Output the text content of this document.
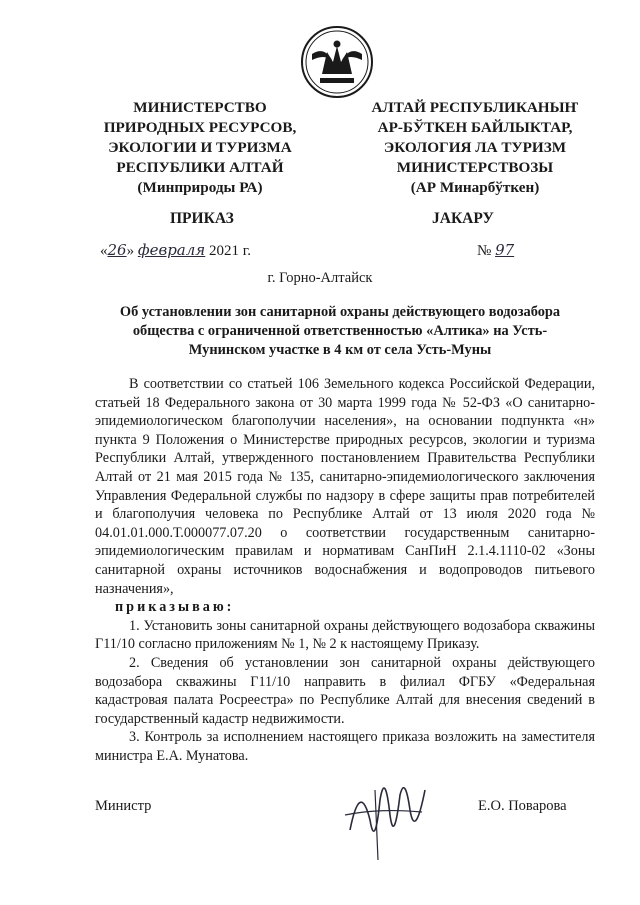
МИНИСТЕРСТВО
ПРИРОДНЫХ РЕСУРСОВ,
ЭКОЛОГИИ И ТУРИЗМА
РЕСПУБЛИКИ АЛТАЙ
(Минприроды РА)
АЛТАЙ РЕСПУБЛИКАНЫҤ
АР-БЎТКЕН БАЙЛЫКТАР,
ЭКОЛОГИЯ ЛА ТУРИЗМ
МИНИСТЕРСТВОЗЫ
(АР Минарбўткен)
ПРИКАЗ	JАКАРУ
«26» февраля 2021 г.	№ 97
г. Горно-Алтайск
Об установлении зон санитарной охраны действующего водозабора общества с ограниченной ответственностью «Алтика» на Усть-Мунинском участке в 4 км от села Усть-Муны

В соответствии со статьей 106 Земельного кодекса Российской Федерации, статьей 18 Федерального закона от 30 марта 1999 года № 52-ФЗ «О санитарно-эпидемиологическом благополучии населения», на основании подпункта «н» пункта 9 Положения о Министерстве природных ресурсов, экологии и туризма Республики Алтай, утвержденного постановлением Правительства Республики Алтай от 21 мая 2015 года № 135, санитарно-эпидемиологического заключения Управления Федеральной службы по надзору в сфере защиты прав потребителей и благополучия человека по Республике Алтай от 13 июля 2020 года № 04.01.01.000.Т.000077.07.20 о соответствии государственным санитарно-эпидемиологическим правилам и нормативам СанПиН 2.1.4.1110-02 «Зоны санитарной охраны источников водоснабжения и водопроводов питьевого назначения»,

приказываю:

1. Установить зоны санитарной охраны действующего водозабора скважины Г11/10 согласно приложениям № 1, № 2 к настоящему Приказу.

2. Сведения об установлении зон санитарной охраны действующего водозабора скважины Г11/10 направить в филиал ФГБУ «Федеральная кадастровая палата Росреестра» по Республике Алтай для внесения сведений в государственный кадастр недвижимости.

3. Контроль за исполнением настоящего приказа возложить на заместителя министра Е.А. Мунатова.

Министр	Е.О. Поварова
